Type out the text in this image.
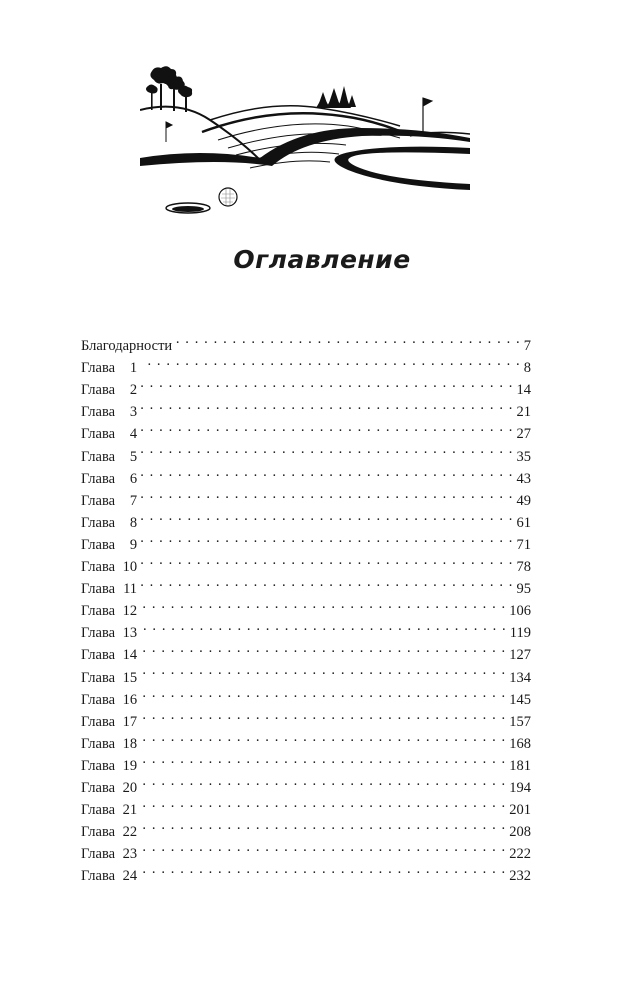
Оглавление
Благодарности . . .	7
Глава 1 . . .	8
Глава 2 . . .	14
Глава 3 . . .	21
Глава 4 . . .	27
Глава 5 . . .	35
Глава 6 . . .	43
Глава 7 . . .	49
Глава 8 . . .	61
Глава 9 . . .	71
Глава 10 . . .	78
Глава 11 . . .	95
Глава 12 . . .	106
Глава 13 . . .	119
Глава 14 . . .	127
Глава 15 . . .	134
Глава 16 . . .	145
Глава 17 . . .	157
Глава 18 . . .	168
Глава 19 . . .	181
Глава 20 . . .	194
Глава 21 . . .	201
Глава 22 . . .	208
Глава 23 . . .	222
Глава 24 . . .	232
